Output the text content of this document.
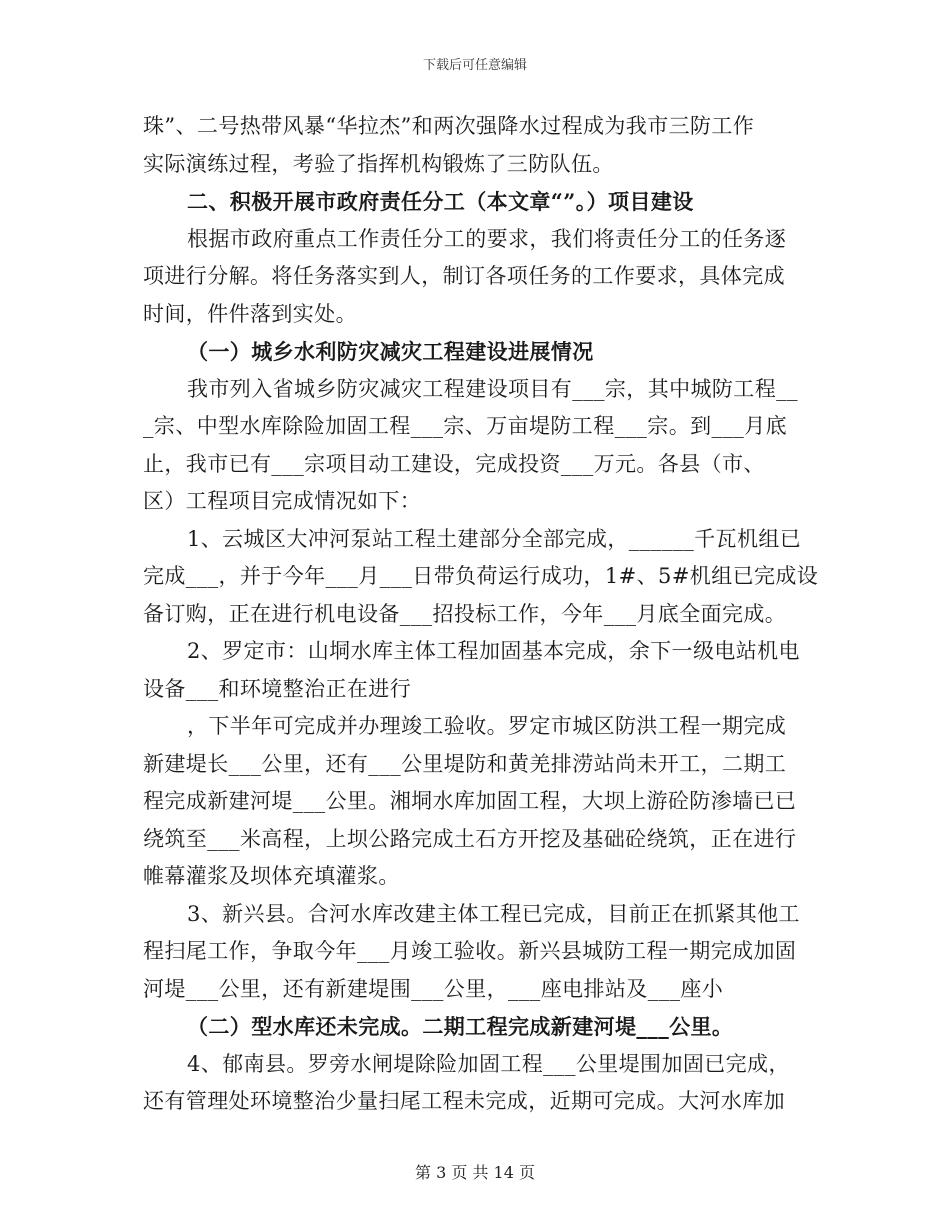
下载后可任意编辑
珠”、二号热带风暴“华拉杰”和两次强降水过程成为我市三防工作
实际演练过程，考验了指挥机构锻炼了三防队伍。
二、积极开展市政府责任分工（本文章“”。）项目建设
根据市政府重点工作责任分工的要求，我们将责任分工的任务逐
项进行分解。将任务落实到人，制订各项任务的工作要求，具体完成
时间，件件落到实处。
（一）城乡水利防灾减灾工程建设进展情况
我市列入省城乡防灾减灾工程建设项目有___宗，其中城防工程__
_宗、中型水库除险加固工程___宗、万亩堤防工程___宗。到___月底
止，我市已有___宗项目动工建设，完成投资___万元。各县（市、
区）工程项目完成情况如下：
1、云城区大冲河泵站工程土建部分全部完成，______千瓦机组已
完成___，并于今年___月___日带负荷运行成功，1#、5#机组已完成设
备订购，正在进行机电设备___招投标工作，今年___月底全面完成。
2、罗定市：山垌水库主体工程加固基本完成，余下一级电站机电
设备___和环境整治正在进行
，下半年可完成并办理竣工验收。罗定市城区防洪工程一期完成
新建堤长___公里，还有___公里堤防和黄羌排涝站尚未开工，二期工
程完成新建河堤___公里。湘垌水库加固工程，大坝上游砼防渗墙已已
绕筑至___米高程，上坝公路完成土石方开挖及基础砼绕筑，正在进行
帷幕灌浆及坝体充填灌浆。
3、新兴县。合河水库改建主体工程已完成，目前正在抓紧其他工
程扫尾工作，争取今年___月竣工验收。新兴县城防工程一期完成加固
河堤___公里，还有新建堤围___公里，___座电排站及___座小
（二）型水库还未完成。二期工程完成新建河堤___公里。
4、郁南县。罗旁水闸堤除险加固工程___公里堤围加固已完成，
还有管理处环境整治少量扫尾工程未完成，近期可完成。大河水库加
第 3 页 共 14 页
